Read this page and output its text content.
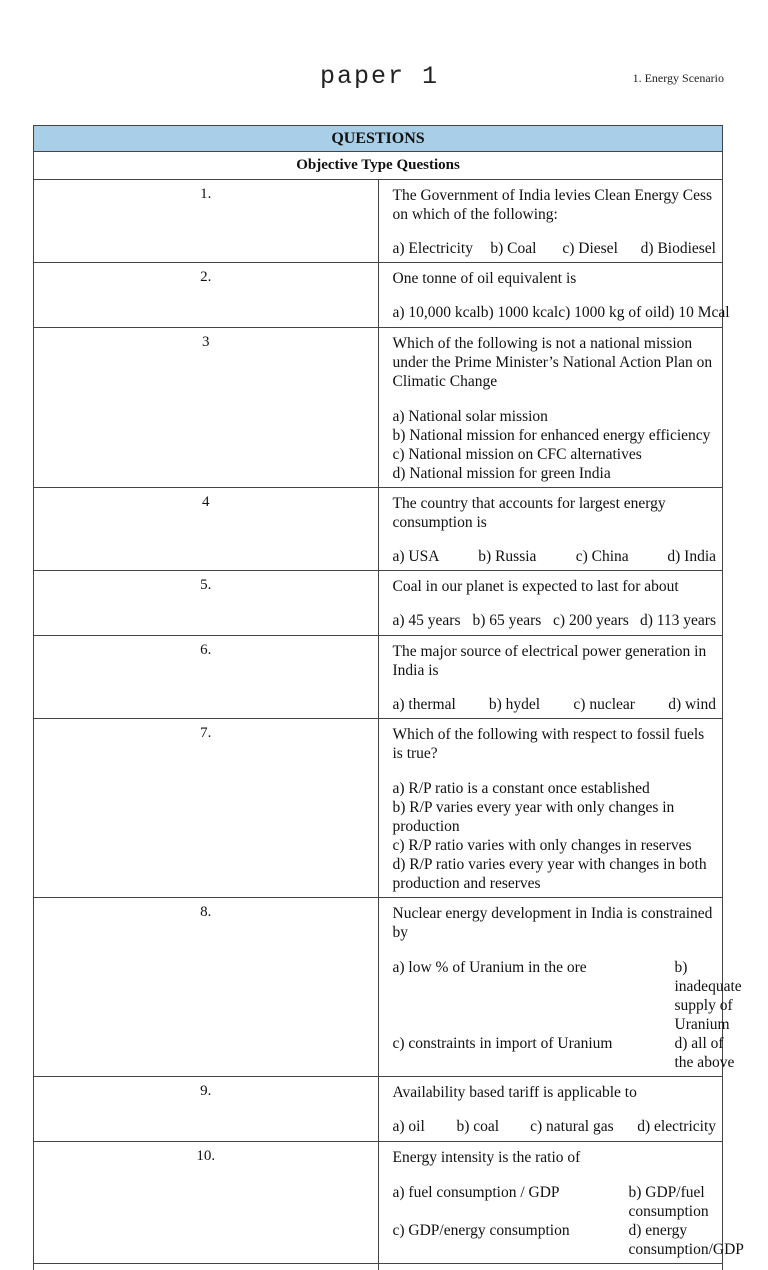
paper 1	1. Energy Scenario
QUESTIONS	
Objective Type Questions	
1.	The Government of India levies Clean Energy Cess on which of the following:
a) Electricity b) Coal c) Diesel d) Biodiesel

2.	One tonne of oil equivalent is
a) 10,000 kcal b) 1000 kcal c) 1000 kg of oil d) 10 Mcal

3	Which of the following is not a national mission under the Prime Minister’s National Action Plan on Climatic Change
a) National solar mission
b) National mission for enhanced energy efficiency
c) National mission on CFC alternatives
d) National mission for green India

4	The country that accounts for largest energy consumption is
a) USA b) Russia c) China d) India

5.	Coal in our planet is expected to last for about
a) 45 years b) 65 years c) 200 years d) 113 years

6.	The major source of electrical power generation in India is
a) thermal b) hydel c) nuclear d) wind

7.	Which of the following with respect to fossil fuels is true?
a) R/P ratio is a constant once established
b) R/P varies every year with only changes in production
c) R/P ratio varies with only changes in reserves
d) R/P ratio varies every year with changes in both production and reserves

8.	Nuclear energy development in India is constrained by
a) low % of Uranium in the ore b) inadequate supply of Uranium
c) constraints in import of Uranium d) all of the above

9.	Availability based tariff is applicable to
a) oil b) coal c) natural gas d) electricity

10.	Energy intensity is the ratio of
a) fuel consumption / GDP b) GDP/fuel consumption
c) GDP/energy consumption d) energy consumption/GDP
